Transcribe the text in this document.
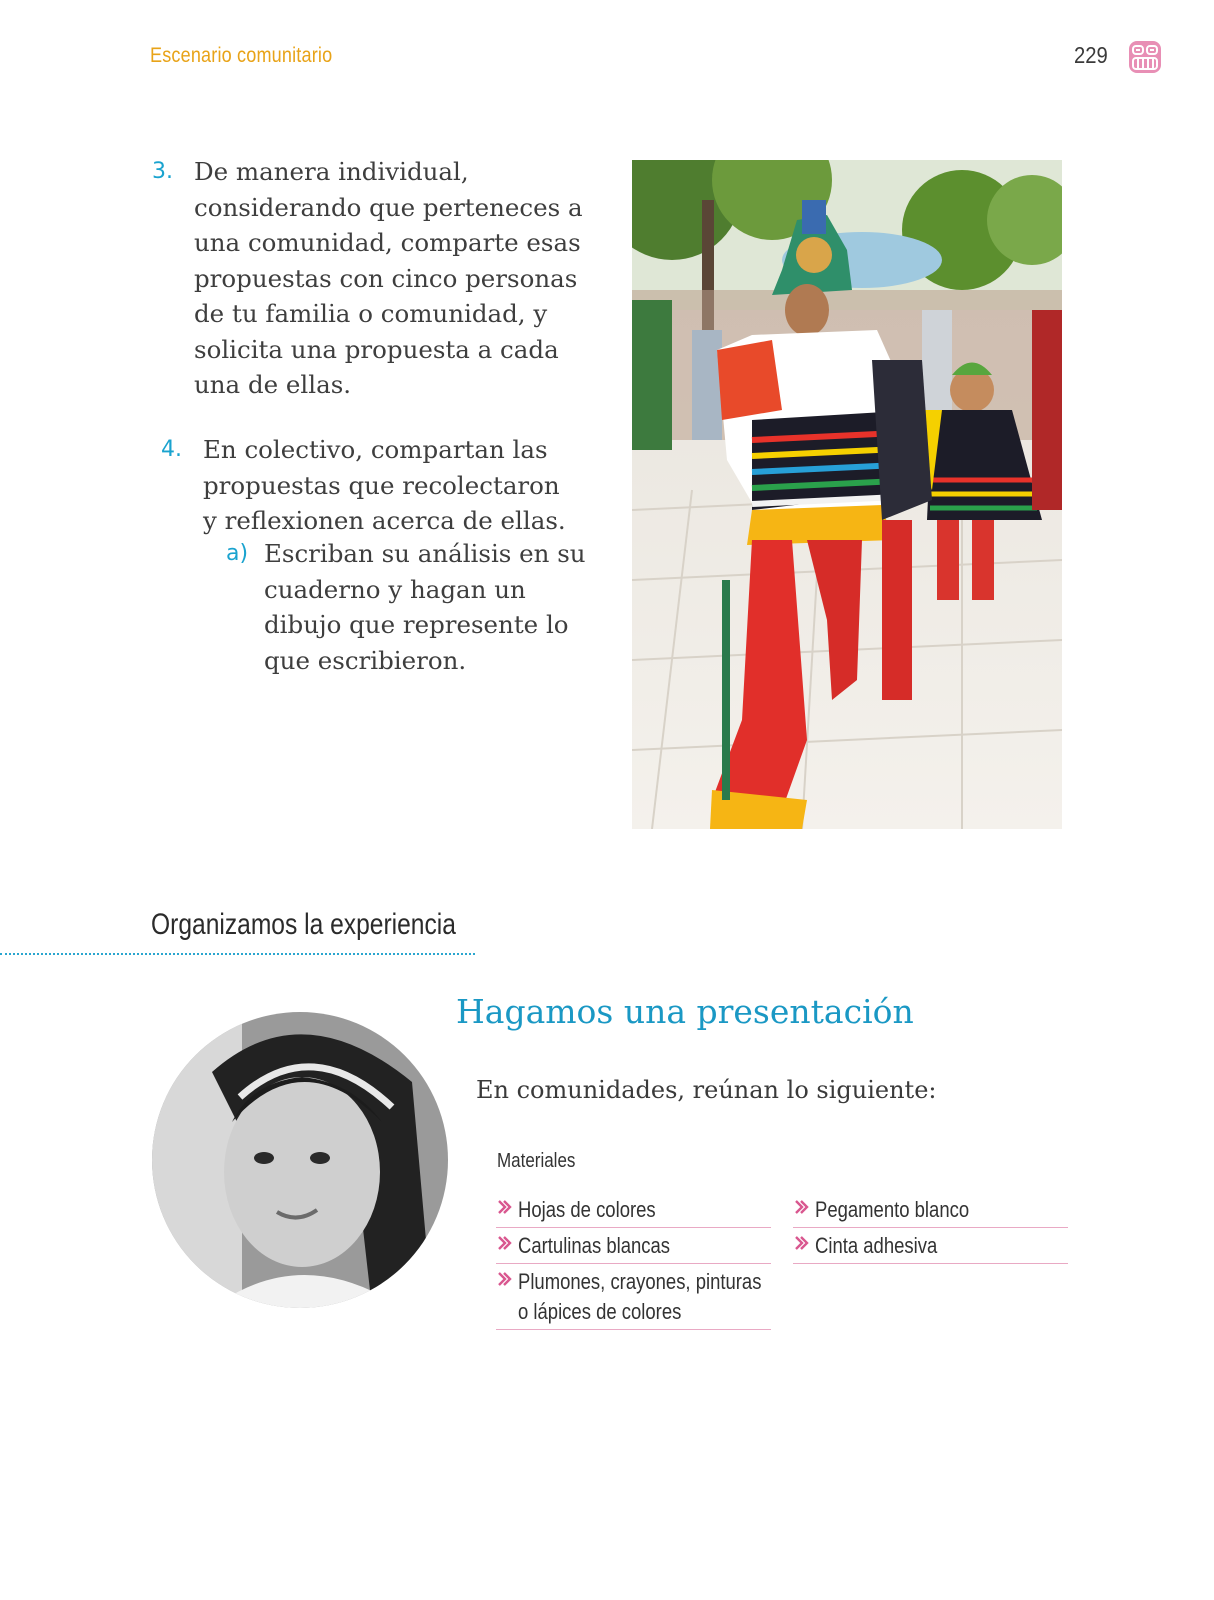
Escenario comunitario	229
3. De manera individual, considerando que perteneces a una comunidad, comparte esas propuestas con cinco personas de tu familia o comunidad, y solicita una propuesta a cada una de ellas.
4. En colectivo, compartan las propuestas que recolectaron y reflexionen acerca de ellas.
a) Escriban su análisis en su cuaderno y hagan un dibujo que represente lo que escribieron.
Organizamos la experiencia
Hagamos una presentación
En comunidades, reúnan lo siguiente:
Materiales
Hojas de colores
Cartulinas blancas
Plumones, crayones, pinturas
o lápices de colores
Pegamento blanco
Cinta adhesiva
